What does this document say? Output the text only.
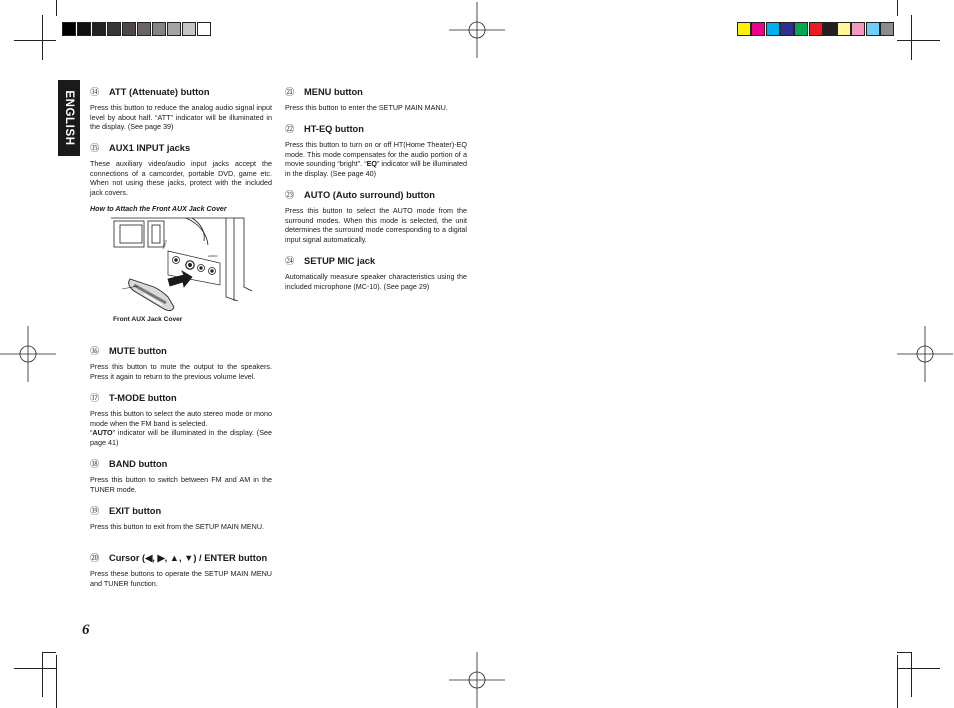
ENGLISH ⑭ ATT (Attenuate) button

Press this button to reduce the analog audio signal input level by about half. “ATT” indicator will be illuminated in the display. (See page 39)

⑮ AUX1 INPUT jacks

These auxiliary video/audio input jacks accept the connections of a camcorder, portable DVD, game etc. When not using these jacks, protect with the included jack covers.

How to Attach the Front AUX Jack Cover
VIDEO
AUDIO
Front AUX Jack Cover
⑯ MUTE button

Press this button to mute the output to the speakers. Press it again to return to the previous volume level.

⑰ T-MODE button

Press this button to select the auto stereo mode or mono mode when the FM band is selected.
“AUTO” indicator will be illuminated in the display. (See page 41)

⑱ BAND button

Press this button to switch between FM and AM in the TUNER mode.

⑲ EXIT button

Press this button to exit from the SETUP MAIN MENU.

⑳ Cursor (◀, ▶, ▲, ▼) / ENTER button

Press these buttons to operate the SETUP MAIN MENU and TUNER function.

㉑ MENU button

Press this button to enter the SETUP MAIN MANU.

㉒ HT-EQ button

Press this button to turn on or off HT(Home Theater)-EQ mode. This mode compensates for the audio portion of a movie sounding “bright”. “EQ” indicator will be illuminated in the display. (See page 40)

㉓ AUTO (Auto surround) button

Press this button to select the AUTO mode from the surround modes. When this mode is selected, the unit determines the surround mode corresponding to a digital input signal automatically.

㉔ SETUP MIC jack

Automatically measure speaker characteristics using the included microphone (MC-10). (See page 29)

6
